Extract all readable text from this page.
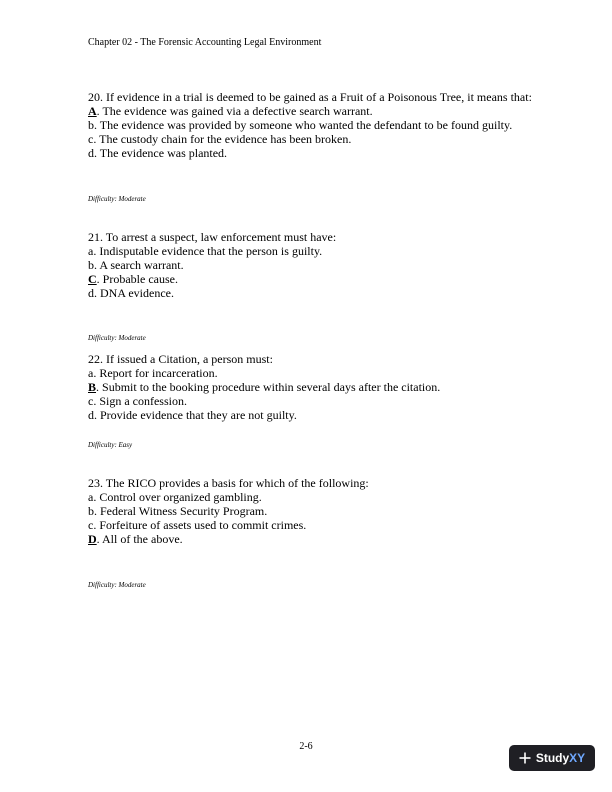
Chapter 02 - The Forensic Accounting Legal Environment
20. If evidence in a trial is deemed to be gained as a Fruit of a Poisonous Tree, it means that:
A. The evidence was gained via a defective search warrant.
b. The evidence was provided by someone who wanted the defendant to be found guilty.
c. The custody chain for the evidence has been broken.
d. The evidence was planted.
Difficulty: Moderate
21. To arrest a suspect, law enforcement must have:
a. Indisputable evidence that the person is guilty.
b. A search warrant.
C. Probable cause.
d. DNA evidence.
Difficulty: Moderate
22. If issued a Citation, a person must:
a. Report for incarceration.
B. Submit to the booking procedure within several days after the citation.
c. Sign a confession.
d. Provide evidence that they are not guilty.
Difficulty: Easy
23. The RICO provides a basis for which of the following:
a. Control over organized gambling.
b. Federal Witness Security Program.
c. Forfeiture of assets used to commit crimes.
D. All of the above.
Difficulty: Moderate
2-6
Study XY
